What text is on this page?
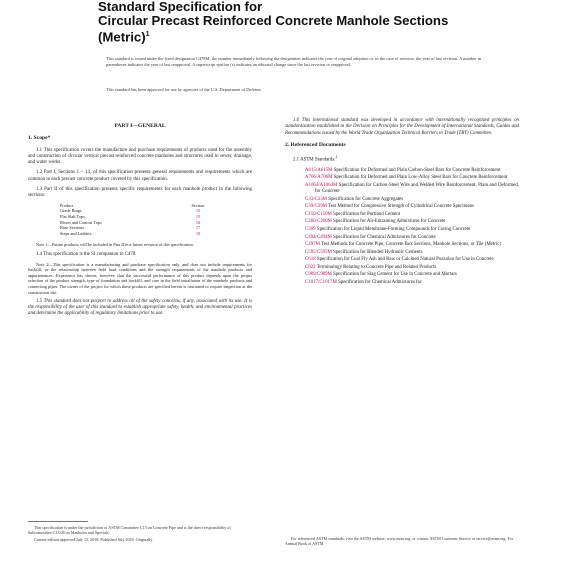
Standard Specification for
Circular Precast Reinforced Concrete Manhole Sections
(Metric)$^1$
This standard is issued under the fixed designation C478M; the number immediately following the designation indicates the year of original adoption or, in the case of revision, the year of last revision. A number in parentheses indicates the year of last reapproval. A superscript epsilon (ε) indicates an editorial change since the last revision or reapproval.
This standard has been approved for use by agencies of the U.S. Department of Defense.
PART I—GENERAL
1. Scope*

1.1 This specification covers the manufacture and purchase requirements of products used for the assembly and construction of circular vertical precast reinforced concrete manholes and structures used in sewer, drainage, and water works.

1.2 Part I, Sections 1 – 13, of this specification presents general requirements and requirements which are common to each precast concrete product covered by this specification.

1.3 Part II of this specification presents specific requirements for each manhole product in the following sections:

Product	Section
Grade Rings	15
Flat Slab Tops	15
Risers and Conical Tops	16
Base Sections	17
Steps and Ladders	18

Note 1—Future products will be included in Part II in a future revision of this specification.

1.4 This specification is the SI companion to C478.

Note 2—This specification is a manufacturing and purchase specification only, and does not include requirements for backfill, or the relationship between field load conditions and the strength requirements of the manhole products and appurtenances. Experience has shown, however, that the successful performance of this product depends upon the proper selection of the product strength, type of foundation and backfill, and care in the field installation of the manhole products and connecting pipes. The owner of the project for which these products are specified herein is cautioned to require inspection at the construction site.

1.5 This standard does not purport to address all of the safety concerns, if any, associated with its use. It is the responsibility of the user of this standard to establish appropriate safety, health, and environmental practices and determine the applicability of regulatory limitations prior to use.

1.6 This international standard was developed in accordance with internationally recognized principles on standardization established in the Decision on Principles for the Development of International Standards, Guides and Recommendations issued by the World Trade Organization Technical Barriers to Trade (TBT) Committee.

2. Referenced Documents

2.1 ASTM Standards:$^2$

A615/A615M Specification for Deformed and Plain Carbon-Steel Bars for Concrete Reinforcement
A706/A706M Specification for Deformed and Plain Low-Alloy Steel Bars for Concrete Reinforcement
A1064/A1064M Specification for Carbon-Steel Wire and Welded Wire Reinforcement, Plain and Deformed, for Concrete
C33/C33M Specification for Concrete Aggregates
C39/C39M Test Method for Compressive Strength of Cylindrical Concrete Specimens
C150/C150M Specification for Portland Cement
C260/C260M Specification for Air-Entraining Admixtures for Concrete
C309 Specification for Liquid Membrane-Forming Compounds for Curing Concrete
C494/C494M Specification for Chemical Admixtures for Concrete
C497M Test Methods for Concrete Pipe, Concrete Box Sections, Manhole Sections, or Tile (Metric)
C595/C595M Specification for Blended Hydraulic Cements
C618 Specification for Coal Fly Ash and Raw or Calcined Natural Pozzolan for Use in Concrete
C822 Terminology Relating to Concrete Pipe and Related Products
C989/C989M Specification for Slag Cement for Use in Concrete and Mortars
C1017/C1017M Specification for Chemical Admixtures for

This specification is under the jurisdiction of ASTM Committee C13 on Concrete Pipe and is the direct responsibility of Subcommittee C13.06 on Manholes and Specials.

Current edition approved July 15, 2018. Published July 2018. Originally	For referenced ASTM standards, visit the ASTM website, www.astm.org, or contact ASTM Customer Service at service@astm.org. For Annual Book of ASTM
